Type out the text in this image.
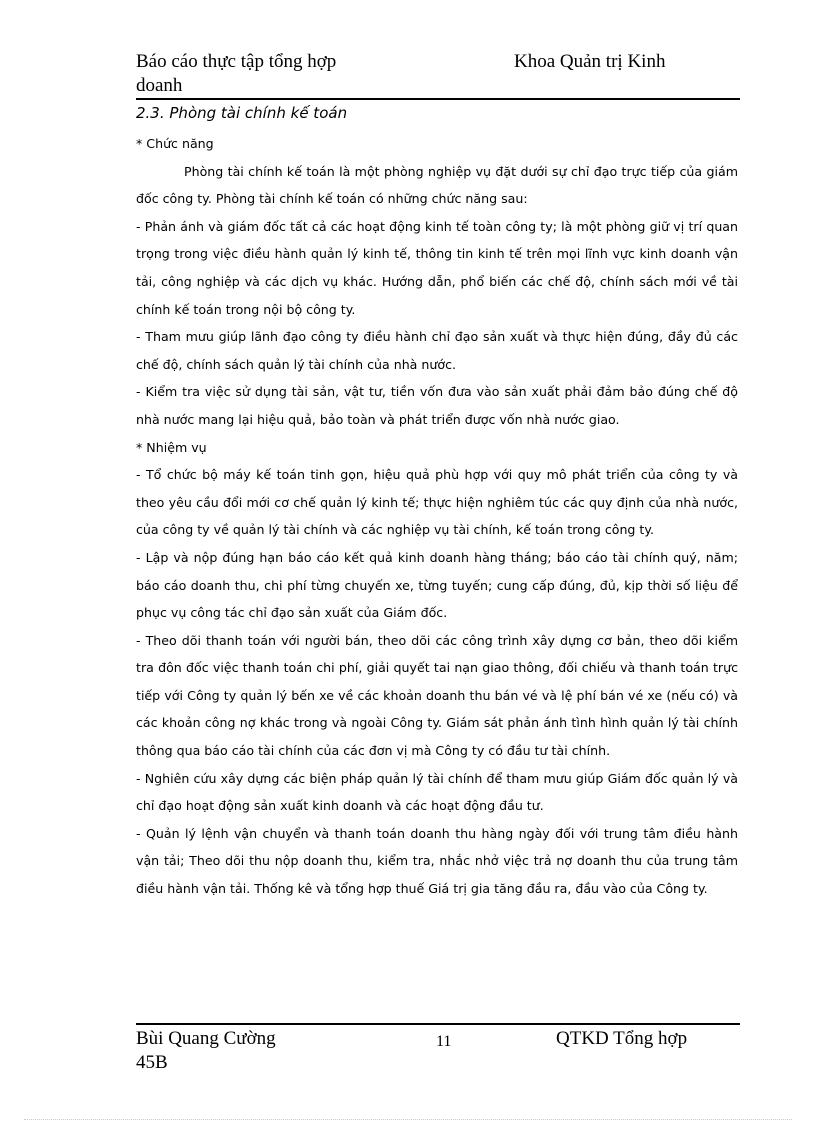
Báo cáo thực tập tổng hợp
doanh
Khoa Quản trị Kinh
2.3. Phòng tài chính kế toán

* Chức năng

Phòng tài chính kế toán là một phòng nghiệp vụ đặt dưới sự chỉ đạo trực tiếp của giám đốc công ty. Phòng tài chính kế toán có những chức năng sau:

- Phản ánh và giám đốc tất cả các hoạt động kinh tế toàn công ty; là một phòng giữ vị trí quan trọng trong việc điều hành quản lý kinh tế, thông tin kinh tế trên mọi lĩnh vực kinh doanh vận tải, công nghiệp và các dịch vụ khác. Hướng dẫn, phổ biến các chế độ, chính sách mới về tài chính kế toán trong nội bộ công ty.

- Tham mưu giúp lãnh đạo công ty điều hành chỉ đạo sản xuất và thực hiện đúng, đầy đủ các chế độ, chính sách quản lý tài chính của nhà nước.

- Kiểm tra việc sử dụng tài sản, vật tư, tiền vốn đưa vào sản xuất phải đảm bảo đúng chế độ nhà nước mang lại hiệu quả, bảo toàn và phát triển được vốn nhà nước giao.

* Nhiệm vụ

- Tổ chức bộ máy kế toán tinh gọn, hiệu quả phù hợp với quy mô phát triển của công ty và theo yêu cầu đổi mới cơ chế quản lý kinh tế; thực hiện nghiêm túc các quy định của nhà nước, của công ty về quản lý tài chính và các nghiệp vụ tài chính, kế toán trong công ty.

- Lập và nộp đúng hạn báo cáo kết quả kinh doanh hàng tháng; báo cáo tài chính quý, năm; báo cáo doanh thu, chi phí từng chuyến xe, từng tuyến; cung cấp đúng, đủ, kịp thời số liệu để phục vụ công tác chỉ đạo sản xuất của Giám đốc.

- Theo dõi thanh toán với người bán, theo dõi các công trình xây dựng cơ bản, theo dõi kiểm tra đôn đốc việc thanh toán chi phí, giải quyết tai nạn giao thông, đối chiếu và thanh toán trực tiếp với Công ty quản lý bến xe về các khoản doanh thu bán vé và lệ phí bán vé xe (nếu có) và các khoản công nợ khác trong và ngoài Công ty. Giám sát phản ánh tình hình quản lý tài chính thông qua báo cáo tài chính của các đơn vị mà Công ty có đầu tư tài chính.

- Nghiên cứu xây dựng các biện pháp quản lý tài chính để tham mưu giúp Giám đốc quản lý và chỉ đạo hoạt động sản xuất kinh doanh và các hoạt động đầu tư.

- Quản lý lệnh vận chuyển và thanh toán doanh thu hàng ngày đối với trung tâm điều hành vận tải; Theo dõi thu nộp doanh thu, kiểm tra, nhắc nhở việc trả nợ doanh thu của trung tâm điều hành vận tải. Thống kê và tổng hợp thuế Giá trị gia tăng đầu ra, đầu vào của Công ty.

Bùi Quang Cường
45B
11	QTKD Tổng hợp
